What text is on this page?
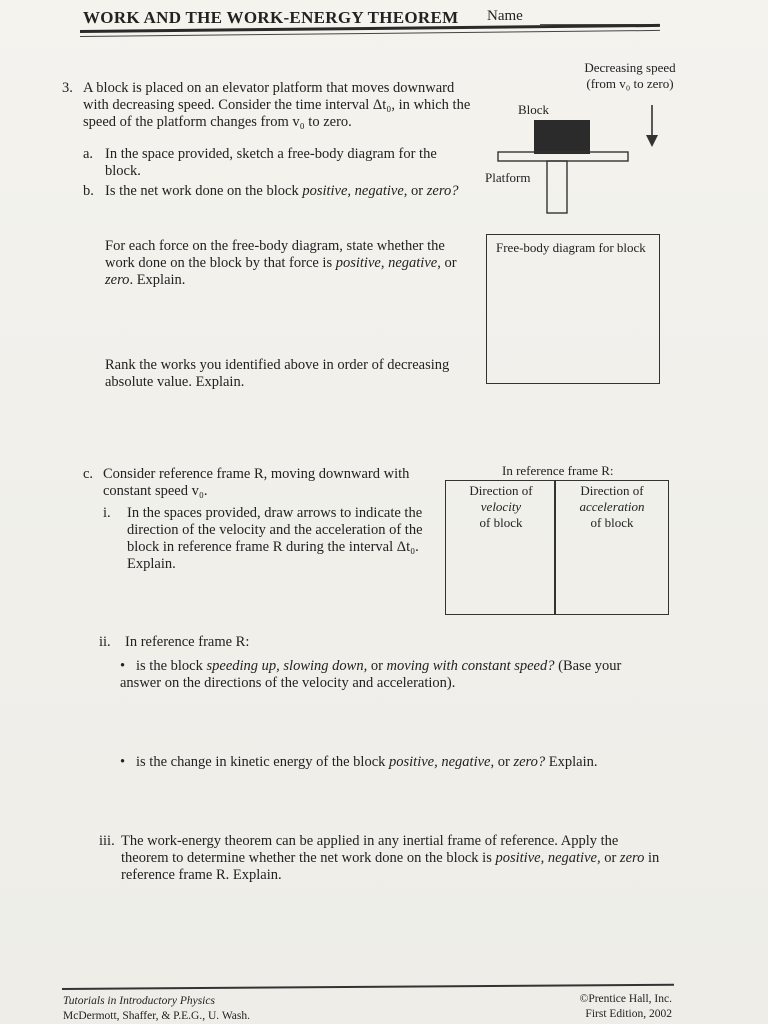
WORK AND THE WORK-ENERGY THEOREM Name
3. A block is placed on an elevator platform that moves downward with decreasing speed. Consider the time interval Δt₀, in which the speed of the platform changes from v₀ to zero.
a. In the space provided, sketch a free-body diagram for the block.
b. Is the net work done on the block positive, negative, or zero?
For each force on the free-body diagram, state whether the work done on the block by that force is positive, negative, or zero. Explain.
Rank the works you identified above in order of decreasing absolute value. Explain.
Decreasing speed
(from v₀ to zero)
Block
Platform
Free-body diagram for block
c. Consider reference frame R, moving downward with constant speed v₀.
i. In the spaces provided, draw arrows to indicate the direction of the velocity and the acceleration of the block in reference frame R during the interval Δt₀. Explain.
In reference frame R:
Direction of
velocity
of block
Direction of
acceleration
of block
ii. In reference frame R:
• is the block speeding up, slowing down, or moving with constant speed? (Base your answer on the directions of the velocity and acceleration).
• is the change in kinetic energy of the block positive, negative, or zero? Explain.
iii. The work-energy theorem can be applied in any inertial frame of reference. Apply the theorem to determine whether the net work done on the block is positive, negative, or zero in reference frame R. Explain.
Tutorials in Introductory Physics
McDermott, Shaffer, & P.E.G., U. Wash.
©Prentice Hall, Inc.
First Edition, 2002
